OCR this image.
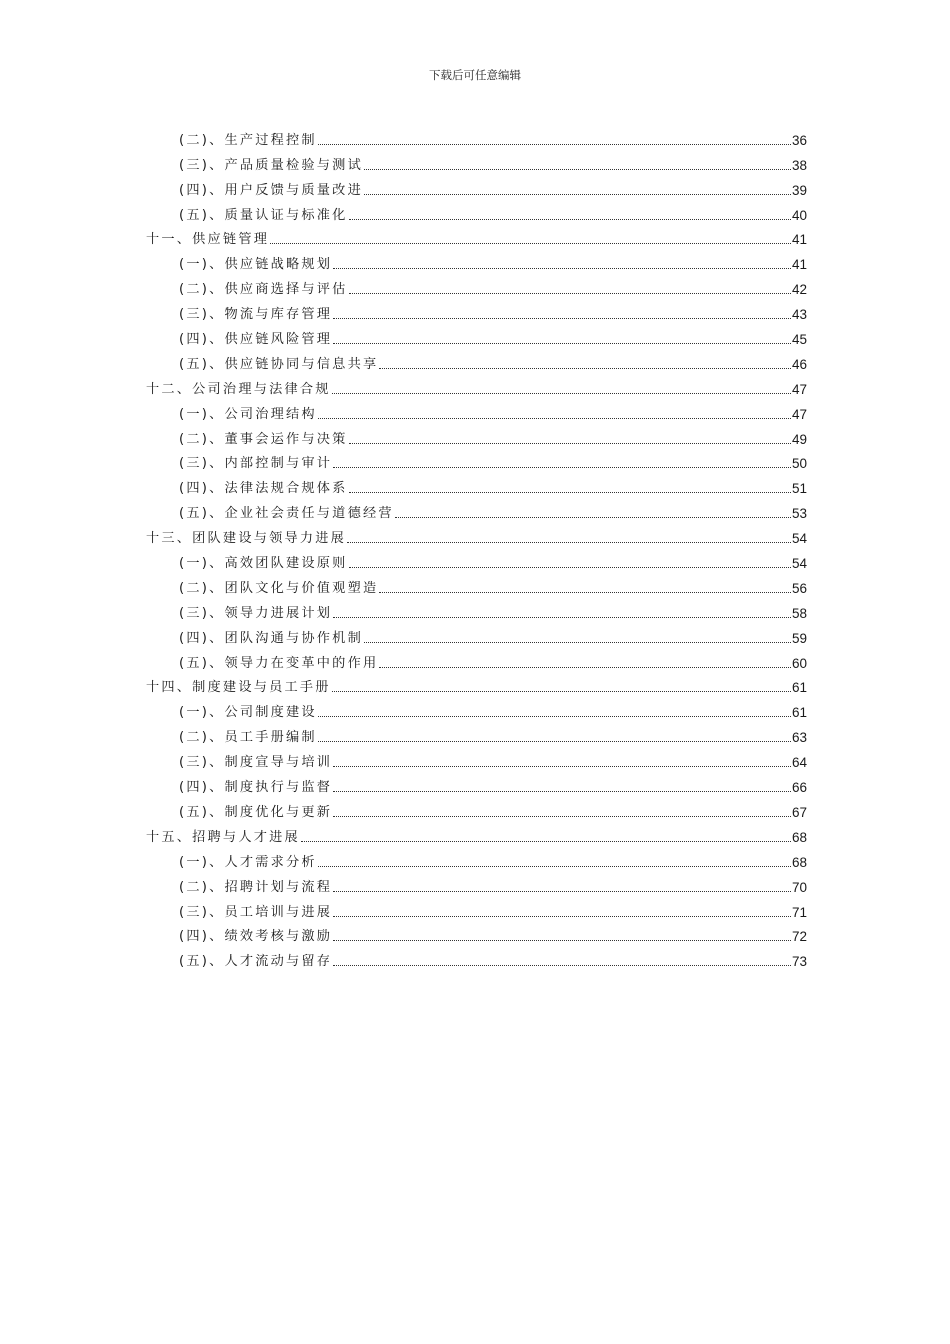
下载后可任意编辑
(二)、生产过程控制	36
(三)、产品质量检验与测试	38
(四)、用户反馈与质量改进	39
(五)、质量认证与标准化	40
十一、供应链管理	41
(一)、供应链战略规划	41
(二)、供应商选择与评估	42
(三)、物流与库存管理	43
(四)、供应链风险管理	45
(五)、供应链协同与信息共享	46
十二、公司治理与法律合规	47
(一)、公司治理结构	47
(二)、董事会运作与决策	49
(三)、内部控制与审计	50
(四)、法律法规合规体系	51
(五)、企业社会责任与道德经营	53
十三、团队建设与领导力进展	54
(一)、高效团队建设原则	54
(二)、团队文化与价值观塑造	56
(三)、领导力进展计划	58
(四)、团队沟通与协作机制	59
(五)、领导力在变革中的作用	60
十四、制度建设与员工手册	61
(一)、公司制度建设	61
(二)、员工手册编制	63
(三)、制度宣导与培训	64
(四)、制度执行与监督	66
(五)、制度优化与更新	67
十五、招聘与人才进展	68
(一)、人才需求分析	68
(二)、招聘计划与流程	70
(三)、员工培训与进展	71
(四)、绩效考核与激励	72
(五)、人才流动与留存	73
